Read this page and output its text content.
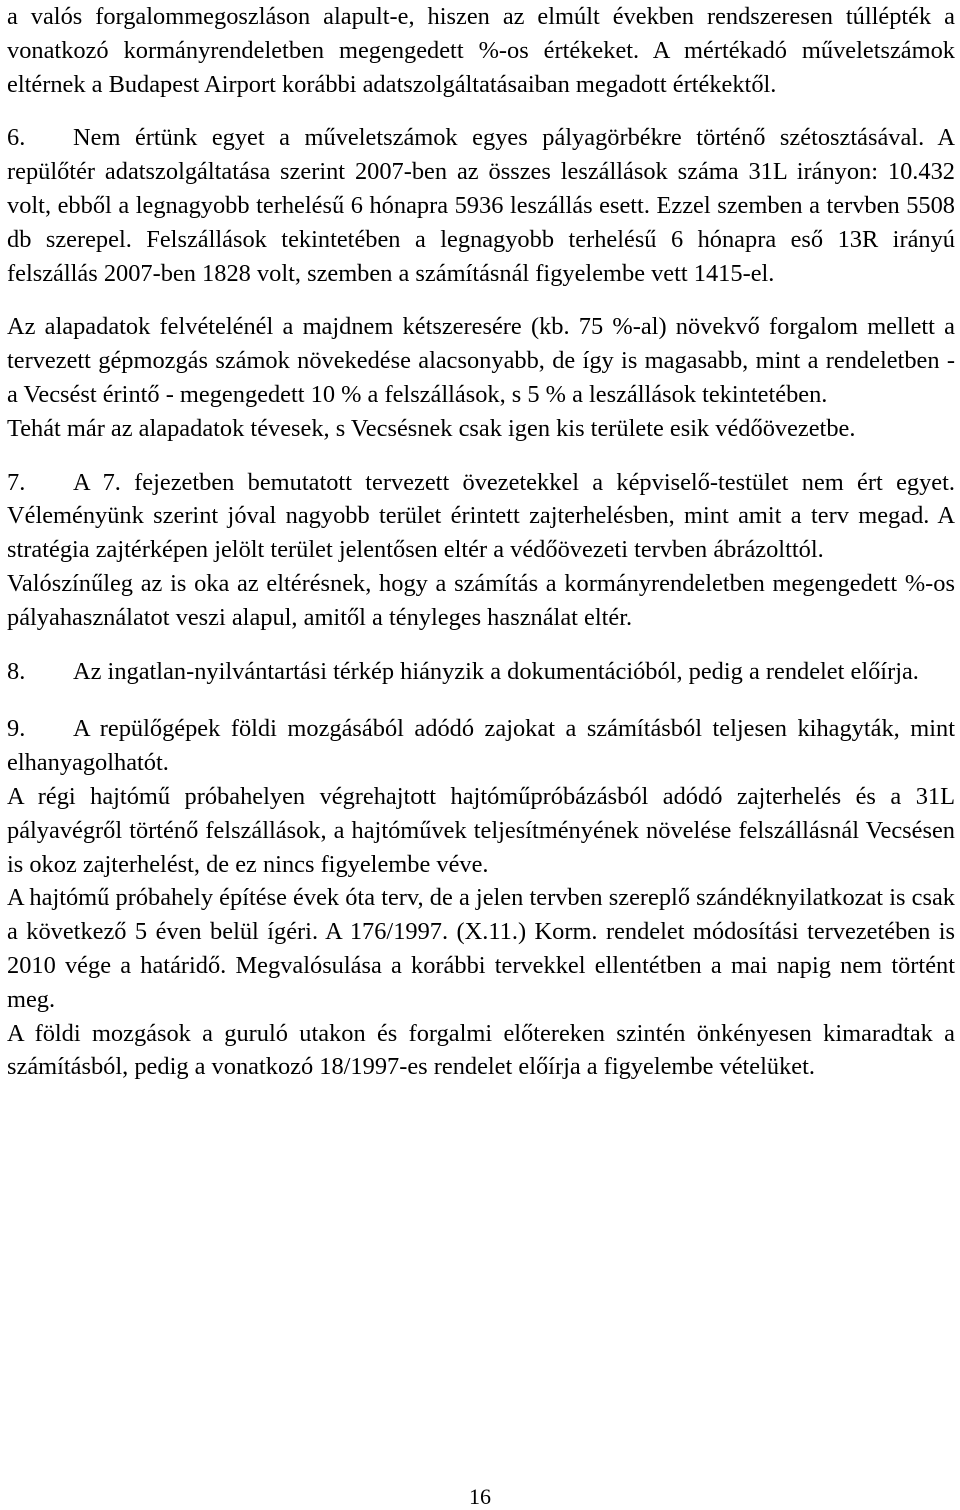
a valós forgalommegoszláson alapult-e, hiszen az elmúlt években rendszeresen túllépték a vonatkozó kormányrendeletben megengedett %-os értékeket. A mértékadó műveletszámok eltérnek a Budapest Airport korábbi adatszolgáltatásaiban megadott értékektől.

6. Nem értünk egyet a műveletszámok egyes pályagörbékre történő szétosztásával. A repülőtér adatszolgáltatása szerint 2007-ben az összes leszállások száma 31L irányon: 10.432 volt, ebből a legnagyobb terhelésű 6 hónapra 5936 leszállás esett. Ezzel szemben a tervben 5508 db szerepel. Felszállások tekintetében a legnagyobb terhelésű 6 hónapra eső 13R irányú felszállás 2007-ben 1828 volt, szemben a számításnál figyelembe vett 1415-el.

Az alapadatok felvételénél a majdnem kétszeresére (kb. 75 %-al) növekvő forgalom mellett a tervezett gépmozgás számok növekedése alacsonyabb, de így is magasabb, mint a rendeletben - a Vecsést érintő - megengedett 10 % a felszállások, s 5 % a leszállások tekintetében.

Tehát már az alapadatok tévesek, s Vecsésnek csak igen kis területe esik védőövezetbe.

7. A 7. fejezetben bemutatott tervezett övezetekkel a képviselő-testület nem ért egyet. Véleményünk szerint jóval nagyobb terület érintett zajterhelésben, mint amit a terv megad. A stratégia zajtérképen jelölt terület jelentősen eltér a védőövezeti tervben ábrázolttól.

Valószínűleg az is oka az eltérésnek, hogy a számítás a kormányrendeletben megengedett %-os pályahasználatot veszi alapul, amitől a tényleges használat eltér.

8. Az ingatlan-nyilvántartási térkép hiányzik a dokumentációból, pedig a rendelet előírja.

9. A repülőgépek földi mozgásából adódó zajokat a számításból teljesen kihagyták, mint elhanyagolhatót.

A régi hajtómű próbahelyen végrehajtott hajtóműpróbázásból adódó zajterhelés és a 31L pályavégről történő felszállások, a hajtóművek teljesítményének növelése felszállásnál Vecsésen is okoz zajterhelést, de ez nincs figyelembe véve.

A hajtómű próbahely építése évek óta terv, de a jelen tervben szereplő szándéknyilatkozat is csak a következő 5 éven belül ígéri. A 176/1997. (X.11.) Korm. rendelet módosítási tervezetében is 2010 vége a határidő. Megvalósulása a korábbi tervekkel ellentétben a mai napig nem történt meg.

A földi mozgások a guruló utakon és forgalmi előtereken szintén önkényesen kimaradtak a számításból, pedig a vonatkozó 18/1997-es rendelet előírja a figyelembe vételüket.

16
